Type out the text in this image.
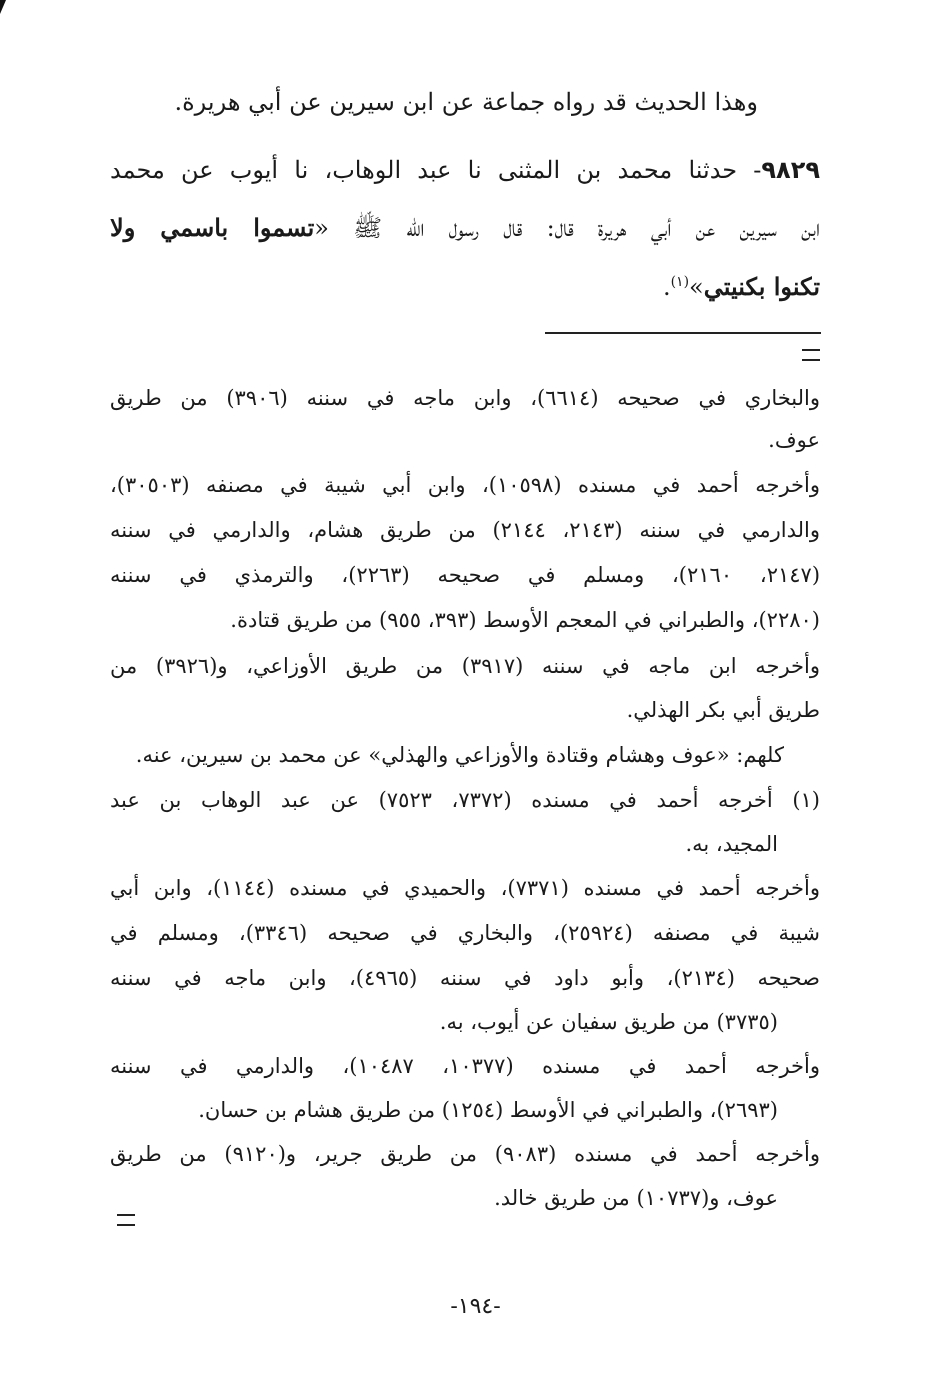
وهذا الحديث قد رواه جماعة عن ابن سيرين عن أبي هريرة.
٩٨٢٩- حدثنا محمد بن المثنى نا عبد الوهاب، نا أيوب عن محمد
ابن سيرين عن أبي هريرة قال: قال رسول الله ﷺ «تسموا باسمي ولا
تكنوا بكنيتي»$^{(١)}$.
والبخاري في صحيحه (٦٦١٤)، وابن ماجه في سننه (٣٩٠٦) من طريق
عوف.
وأخرجه أحمد في مسنده (١٠٥٩٨)، وابن أبي شيبة في مصنفه (٣٠٥٠٣)،
والدارمي في سننه (٢١٤٣، ٢١٤٤) من طريق هشام، والدارمي في سننه
(٢١٤٧، ٢١٦٠)، ومسلم في صحيحه (٢٢٦٣)، والترمذي في سننه
(٢٢٨٠)، والطبراني في المعجم الأوسط (٣٩٣، ٩٥٥) من طريق قتادة.
وأخرجه ابن ماجه في سننه (٣٩١٧) من طريق الأوزاعي، و(٣٩٢٦) من
طريق أبي بكر الهذلي.
كلهم: «عوف وهشام وقتادة والأوزاعي والهذلي» عن محمد بن سيرين، عنه.
(١) أخرجه أحمد في مسنده (٧٣٧٢، ٧٥٢٣) عن عبد الوهاب بن عبد
المجيد، به.
وأخرجه أحمد في مسنده (٧٣٧١)، والحميدي في مسنده (١١٤٤)، وابن أبي
شيبة في مصنفه (٢٥٩٢٤)، والبخاري في صحيحه (٣٣٤٦)، ومسلم في
صحيحه (٢١٣٤)، وأبو داود في سننه (٤٩٦٥)، وابن ماجه في سننه
(٣٧٣٥) من طريق سفيان عن أيوب، به.
وأخرجه أحمد في مسنده (١٠٣٧٧، ١٠٤٨٧)، والدارمي في سننه
(٢٦٩٣)، والطبراني في الأوسط (١٢٥٤) من طريق هشام بن حسان.
وأخرجه أحمد في مسنده (٩٠٨٣) من طريق جرير، و(٩١٢٠) من طريق
عوف، و(١٠٧٣٧) من طريق خالد.
-١٩٤-
